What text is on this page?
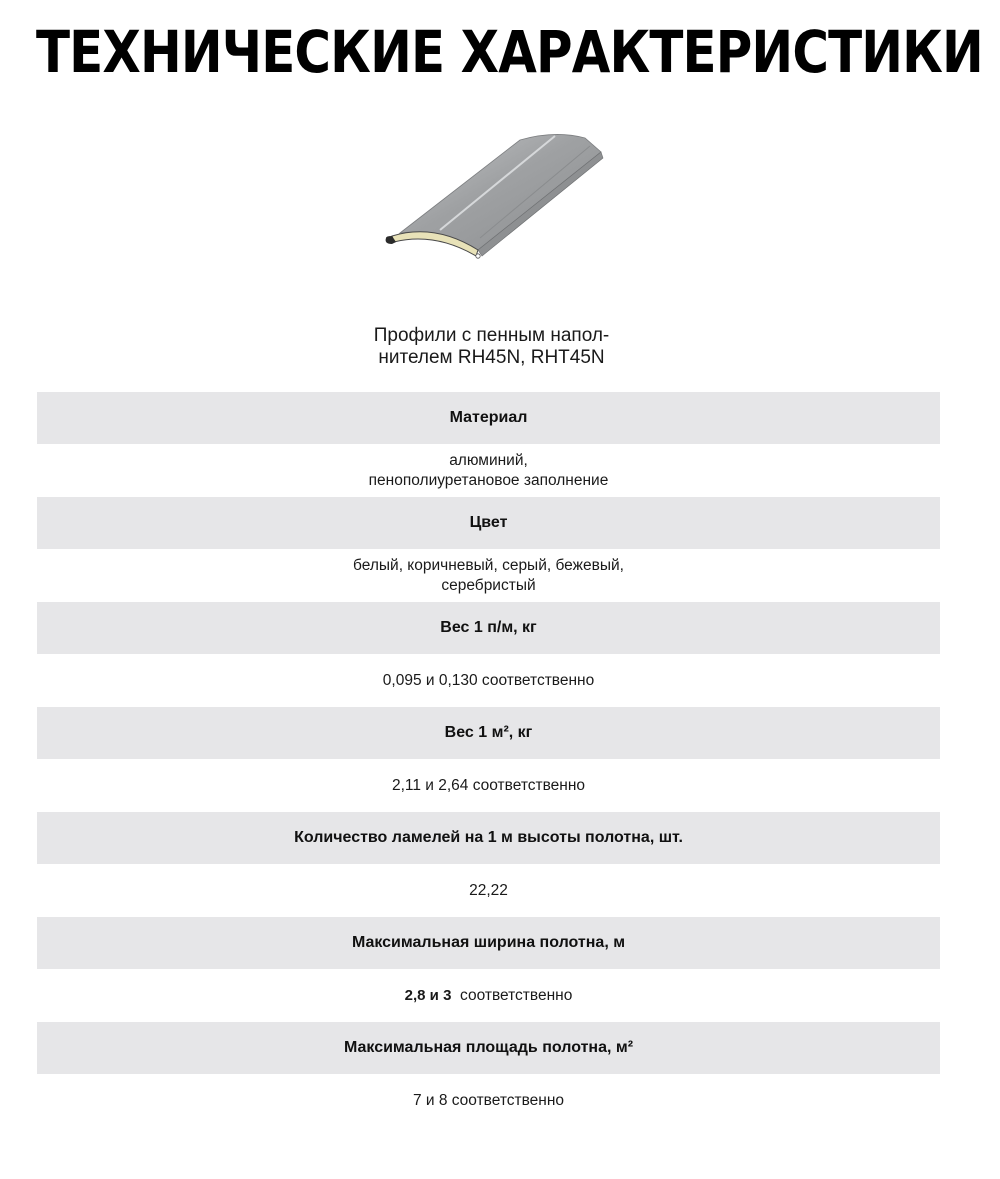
ТЕХНИЧЕСКИЕ ХАРАКТЕРИСТИКИ
Профили с пенным напол-
нителем RH45N, RHT45N
Материал
алюминий,
пенополиуретановое заполнение
Цвет
белый, коричневый, серый, бежевый,
серебристый
Вес 1 п/м, кг
0,095 и 0,130 соответственно
Вес 1 м², кг
2,11 и 2,64 соответственно
Количество ламелей на 1 м высоты полотна, шт.
22,22
Максимальная ширина полотна, м
2,8 и 3  соответственно
Максимальная площадь полотна, м²
7 и 8 соответственно
